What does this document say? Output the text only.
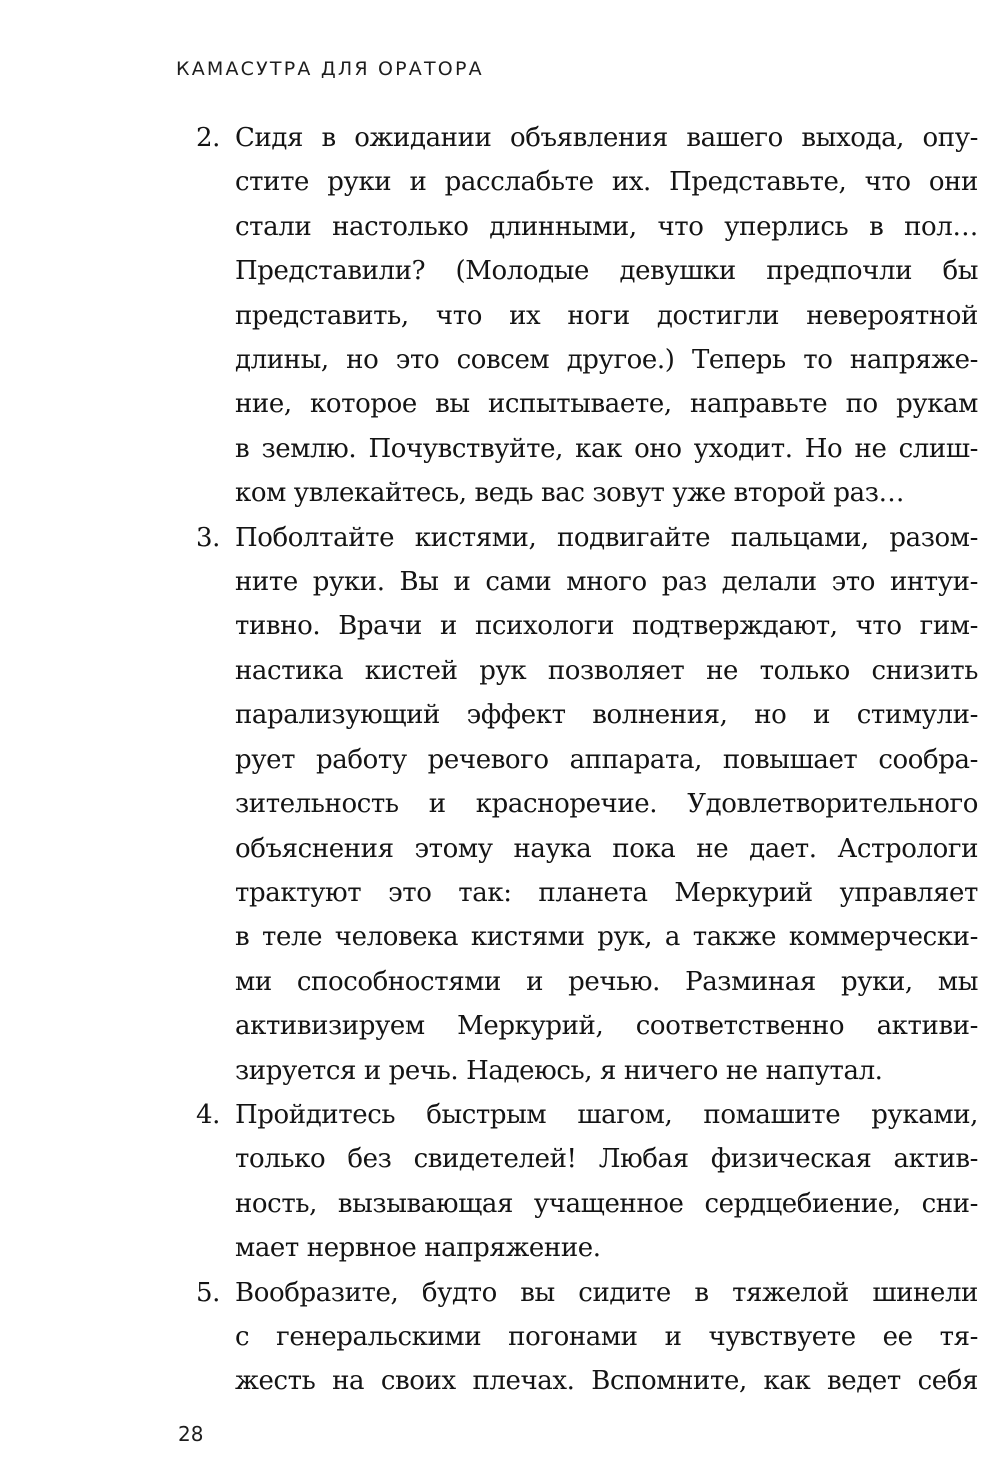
КАМАСУТРА ДЛЯ ОРАТОРА
2. Сидя в ожидании объявления вашего выхода, опу-
стите руки и расслабьте их. Представьте, что они
стали настолько длинными, что уперлись в пол…
Представили? (Молодые девушки предпочли бы
представить, что их ноги достигли невероятной
длины, но это совсем другое.) Теперь то напряже-
ние, которое вы испытываете, направьте по рукам
в землю. Почувствуйте, как оно уходит. Но не слиш-
ком увлекайтесь, ведь вас зовут уже второй раз…
3. Поболтайте кистями, подвигайте пальцами, разом-
ните руки. Вы и сами много раз делали это интуи-
тивно. Врачи и психологи подтверждают, что гим-
настика кистей рук позволяет не только снизить
парализующий эффект волнения, но и стимули-
рует работу речевого аппарата, повышает сообра-
зительность и красноречие. Удовлетворительного
объяснения этому наука пока не дает. Астрологи
трактуют это так: планета Меркурий управляет
в теле человека кистями рук, а также коммерчески-
ми способностями и речью. Разминая руки, мы
активизируем Меркурий, соответственно активи-
зируется и речь. Надеюсь, я ничего не напутал.
4. Пройдитесь быстрым шагом, помашите руками,
только без свидетелей! Любая физическая актив-
ность, вызывающая учащенное сердцебиение, сни-
мает нервное напряжение.
5. Вообразите, будто вы сидите в тяжелой шинели
с генеральскими погонами и чувствуете ее тя-
жесть на своих плечах. Вспомните, как ведет себя
28
